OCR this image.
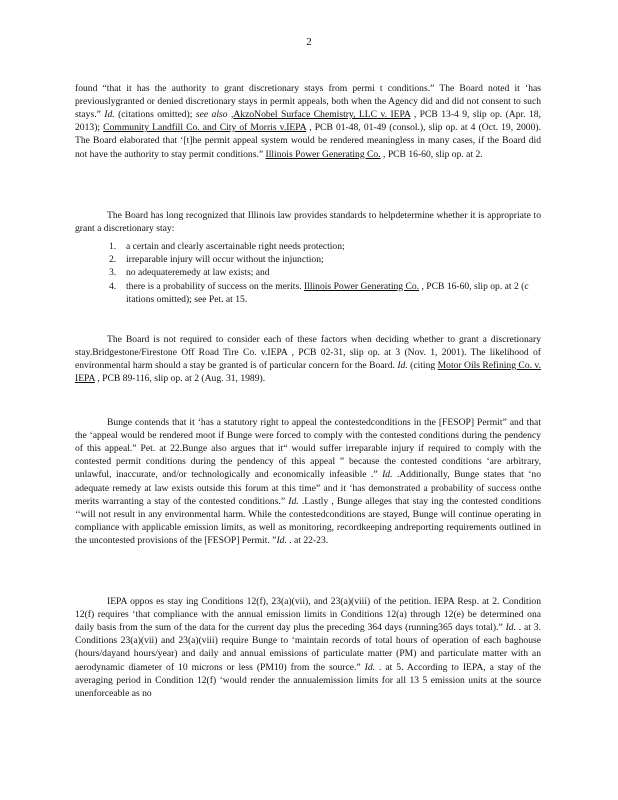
2

found “that it has the authority to grant discretionary stays from permi t conditions.” The Board noted it ‘has previouslygranted or denied discretionary stays in permit appeals, both when the Agency did and did not consent to such stays.” Id. (citations omitted); see also ,AkzoNobel Surface Chemistry, LLC v. IEPA , PCB 13-4 9, slip op. (Apr. 18, 2013); Community Landfill Co. and City of Morris v.IEPA , PCB 01-48, 01-49 (consol.), slip op. at 4 (Oct. 19, 2000). The Board elaborated that ‘[t]he permit appeal system would be rendered meaningless in many cases, if the Board did not have the authority to stay permit conditions.” Illinois Power Generating Co. , PCB 16-60, slip op. at 2.

The Board has long recognized that Illinois law provides standards to helpdetermine whether it is appropriate to grant a discretionary stay:

1.	a certain and clearly ascertainable right needs protection;
2.	irreparable injury will occur without the injunction;
3.	no adequateremedy at law exists; and
4.	there is a probability of success on the merits. Illinois Power Generating Co. , PCB 16-60, slip op. at 2 (c itations omitted); see Pet. at 15.

The Board is not required to consider each of these factors when deciding whether to grant a discretionary stay.Bridgestone/Firestone Off Road Tire Co. v.IEPA , PCB 02-31, slip op. at 3 (Nov. 1, 2001). The likelihood of environmental harm should a stay be granted is of particular concern for the Board. Id. (citing Motor Oils Refining Co. v. IEPA , PCB 89-116, slip op. at 2 (Aug. 31, 1989).

Bunge contends that it ‘has a statutory right to appeal the contestedconditions in the [FESOP] Permit” and that the ‘appeal would be rendered moot if Bunge were forced to comply with the contested conditions during the pendency of this appeal.” Pet. at 22.Bunge also argues that it“ would suffer irreparable injury if required to comply with the contested permit conditions during the pendency of this appeal ” because the contested conditions ‘are arbitrary, unlawful, inaccurate, and/or technologically and economically infeasible .” Id. .Additionally, Bunge states that ‘no adequate remedy at law exists outside this forum at this time” and it ‘has demonstrated a probability of success onthe merits warranting a stay of the contested conditions.” Id. .Lastly , Bunge alleges that stay ing the contested conditions ‘‘will not result in any environmental harm. While the contestedconditions are stayed, Bunge will continue operating in compliance with applicable emission limits, as well as monitoring, recordkeeping andreporting requirements outlined in the uncontested provisions of the [FESOP] Permit. ”Id. . at 22-23.

IEPA oppos es stay ing Conditions 12(f), 23(a)(vii), and 23(a)(viii) of the petition. IEPA Resp. at 2. Condition 12(f) requires ‘that compliance with the annual emission limits in Conditions 12(a) through 12(e) be determined ona daily basis from the sum of the data for the current day plus the preceding 364 days (running365 days total).” Id. . at 3. Conditions 23(a)(vii) and 23(a)(viii) require Bunge to ‘maintain records of total hours of operation of each baghouse (hours/dayand hours/year) and daily and annual emissions of particulate matter (PM) and particulate matter with an aerodynamic diameter of 10 microns or less (PM10) from the source.” Id. . at 5. According to IEPA, a stay of the averaging period in Condition 12(f) ‘would render the annualemission limits for all 13 5 emission units at the source unenforceable as no
